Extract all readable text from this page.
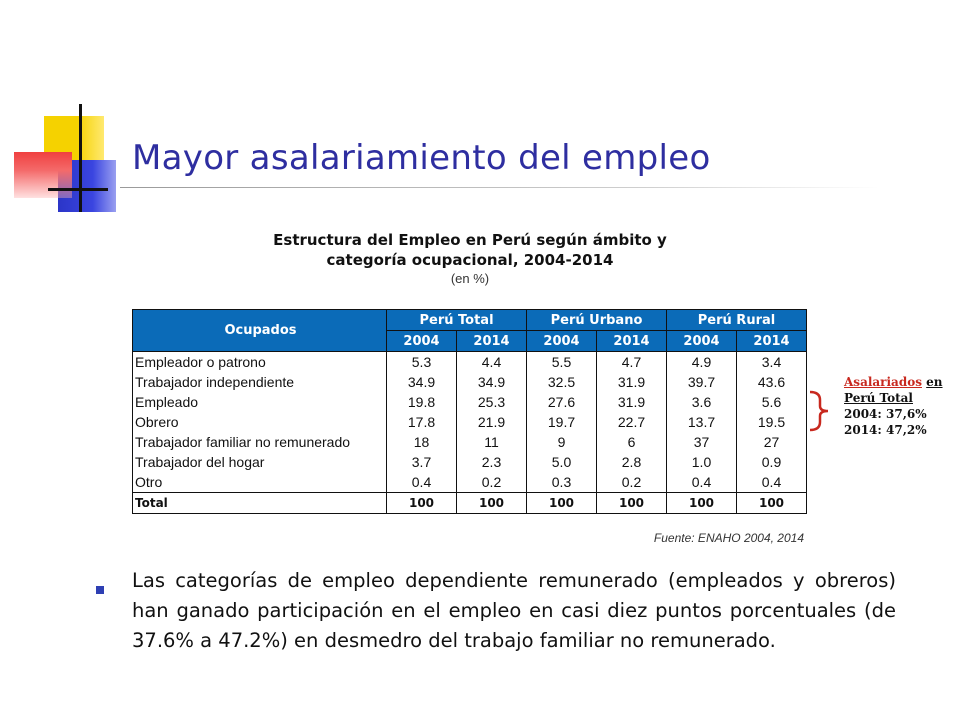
Mayor asalariamiento del empleo
Estructura del Empleo en Perú según ámbito y
categoría ocupacional, 2004-2014
(en %)
Ocupados	Perú Total		Perú Urbano		Perú Rural	
	2004	2014	2004	2014	2004	2014
Empleador o patrono	5.3	4.4	5.5	4.7	4.9	3.4
Trabajador independiente	34.9	34.9	32.5	31.9	39.7	43.6
Empleado	19.8	25.3	27.6	31.9	3.6	5.6
Obrero	17.8	21.9	19.7	22.7	13.7	19.5
Trabajador familiar no remunerado	18	11	9	6	37	27
Trabajador del hogar	3.7	2.3	5.0	2.8	1.0	0.9
Otro	0.4	0.2	0.3	0.2	0.4	0.4
Total	100	100	100	100	100	100
Fuente: ENAHO 2004, 2014
Asalariados en
Perú Total
2004: 37,6%
2014: 47,2%

Las categorías de empleo dependiente remunerado (empleados y obreros) han ganado participación en el empleo en casi diez puntos porcentuales (de 37.6% a 47.2%) en desmedro del trabajo familiar no remunerado.
